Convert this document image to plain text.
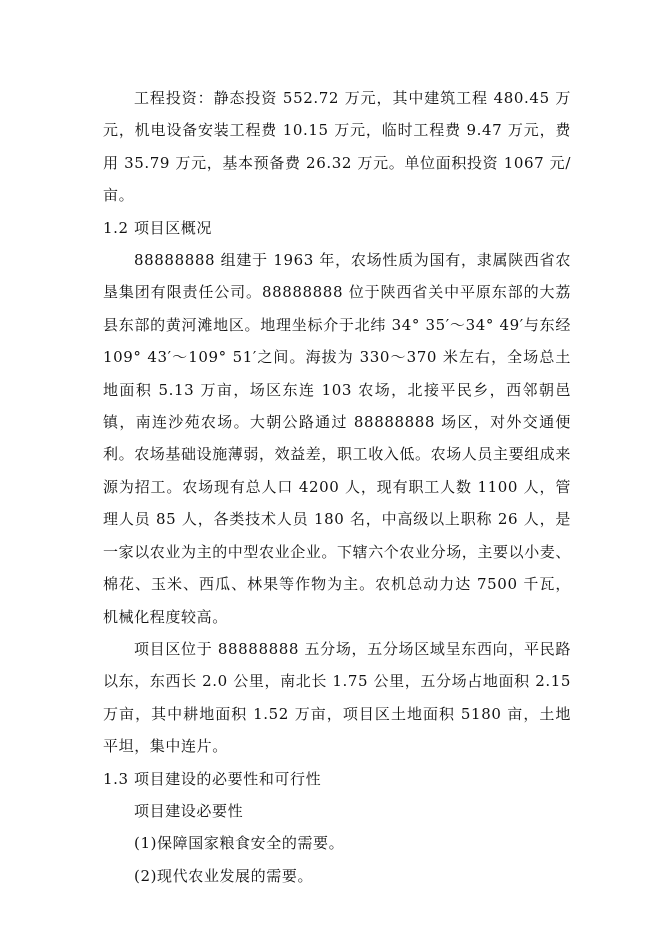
工程投资：静态投资 552.72 万元，其中建筑工程 480.45 万元，机电设备安装工程费 10.15 万元，临时工程费 9.47 万元，费用 35.79 万元，基本预备费 26.32 万元。单位面积投资 1067 元/亩。

1.2 项目区概况

88888888 组建于 1963 年，农场性质为国有，隶属陕西省农垦集团有限责任公司。88888888 位于陕西省关中平原东部的大荔县东部的黄河滩地区。地理坐标介于北纬 34° 35′～34° 49′与东经 109° 43′～109° 51′之间。海拔为 330～370 米左右，全场总土地面积 5.13 万亩，场区东连 103 农场，北接平民乡，西邻朝邑镇，南连沙苑农场。大朝公路通过 88888888 场区，对外交通便利。农场基础设施薄弱，效益差，职工收入低。农场人员主要组成来源为招工。农场现有总人口 4200 人，现有职工人数 1100 人，管理人员 85 人，各类技术人员 180 名，中高级以上职称 26 人，是一家以农业为主的中型农业企业。下辖六个农业分场，主要以小麦、棉花、玉米、西瓜、林果等作物为主。农机总动力达 7500 千瓦，机械化程度较高。

项目区位于 88888888 五分场，五分场区域呈东西向，平民路以东，东西长 2.0 公里，南北长 1.75 公里，五分场占地面积 2.15 万亩，其中耕地面积 1.52 万亩，项目区土地面积 5180 亩，土地平坦，集中连片。

1.3 项目建设的必要性和可行性

项目建设必要性

(1)保障国家粮食安全的需要。

(2)现代农业发展的需要。
